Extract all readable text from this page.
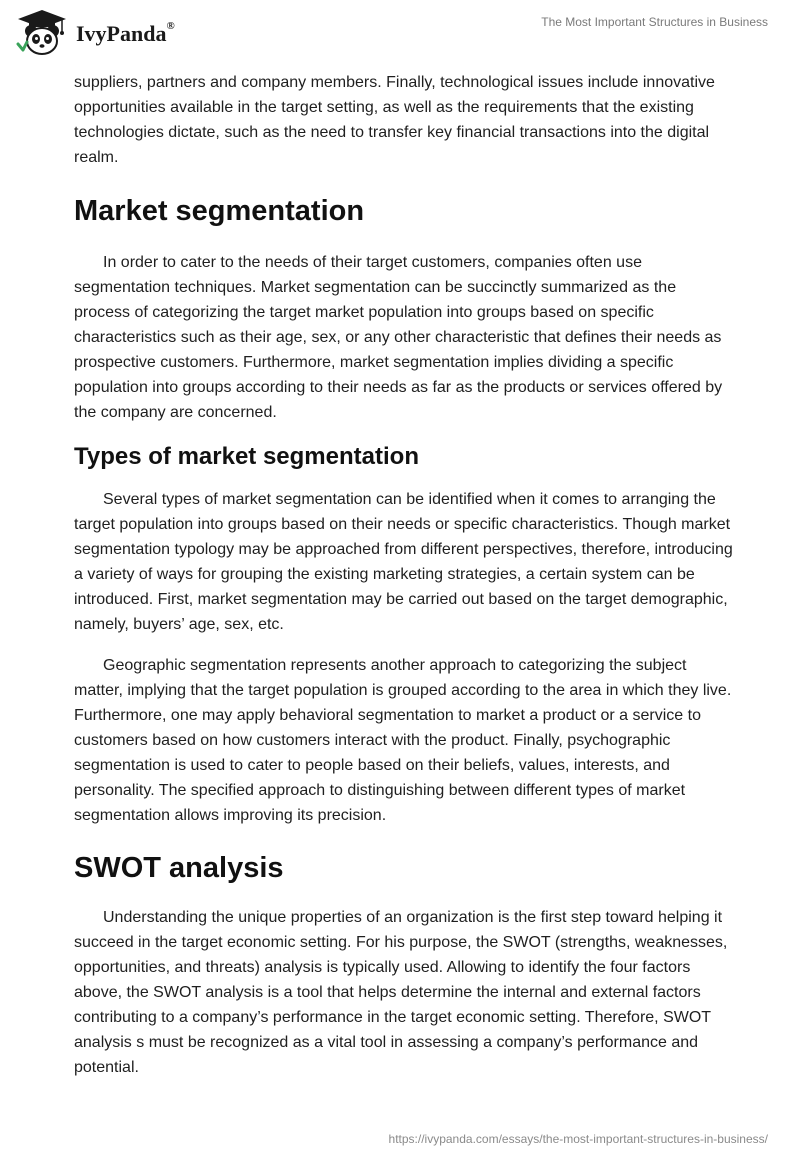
IvyPanda®	The Most Important Structures in Business

suppliers, partners and company members. Finally, technological issues include innovative opportunities available in the target setting, as well as the requirements that the existing technologies dictate, such as the need to transfer key financial transactions into the digital realm.

Market segmentation

In order to cater to the needs of their target customers, companies often use segmentation techniques. Market segmentation can be succinctly summarized as the process of categorizing the target market population into groups based on specific characteristics such as their age, sex, or any other characteristic that defines their needs as prospective customers. Furthermore, market segmentation implies dividing a specific population into groups according to their needs as far as the products or services offered by the company are concerned.

Types of market segmentation

Several types of market segmentation can be identified when it comes to arranging the target population into groups based on their needs or specific characteristics. Though market segmentation typology may be approached from different perspectives, therefore, introducing a variety of ways for grouping the existing marketing strategies, a certain system can be introduced. First, market segmentation may be carried out based on the target demographic, namely, buyers’ age, sex, etc.

Geographic segmentation represents another approach to categorizing the subject matter, implying that the target population is grouped according to the area in which they live. Furthermore, one may apply behavioral segmentation to market a product or a service to customers based on how customers interact with the product. Finally, psychographic segmentation is used to cater to people based on their beliefs, values, interests, and personality. The specified approach to distinguishing between different types of market segmentation allows improving its precision.

SWOT analysis

Understanding the unique properties of an organization is the first step toward helping it succeed in the target economic setting. For his purpose, the SWOT (strengths, weaknesses, opportunities, and threats) analysis is typically used. Allowing to identify the four factors above, the SWOT analysis is a tool that helps determine the internal and external factors contributing to a company’s performance in the target economic setting. Therefore, SWOT analysis s must be recognized as a vital tool in assessing a company’s performance and potential.

https://ivypanda.com/essays/the-most-important-structures-in-business/
